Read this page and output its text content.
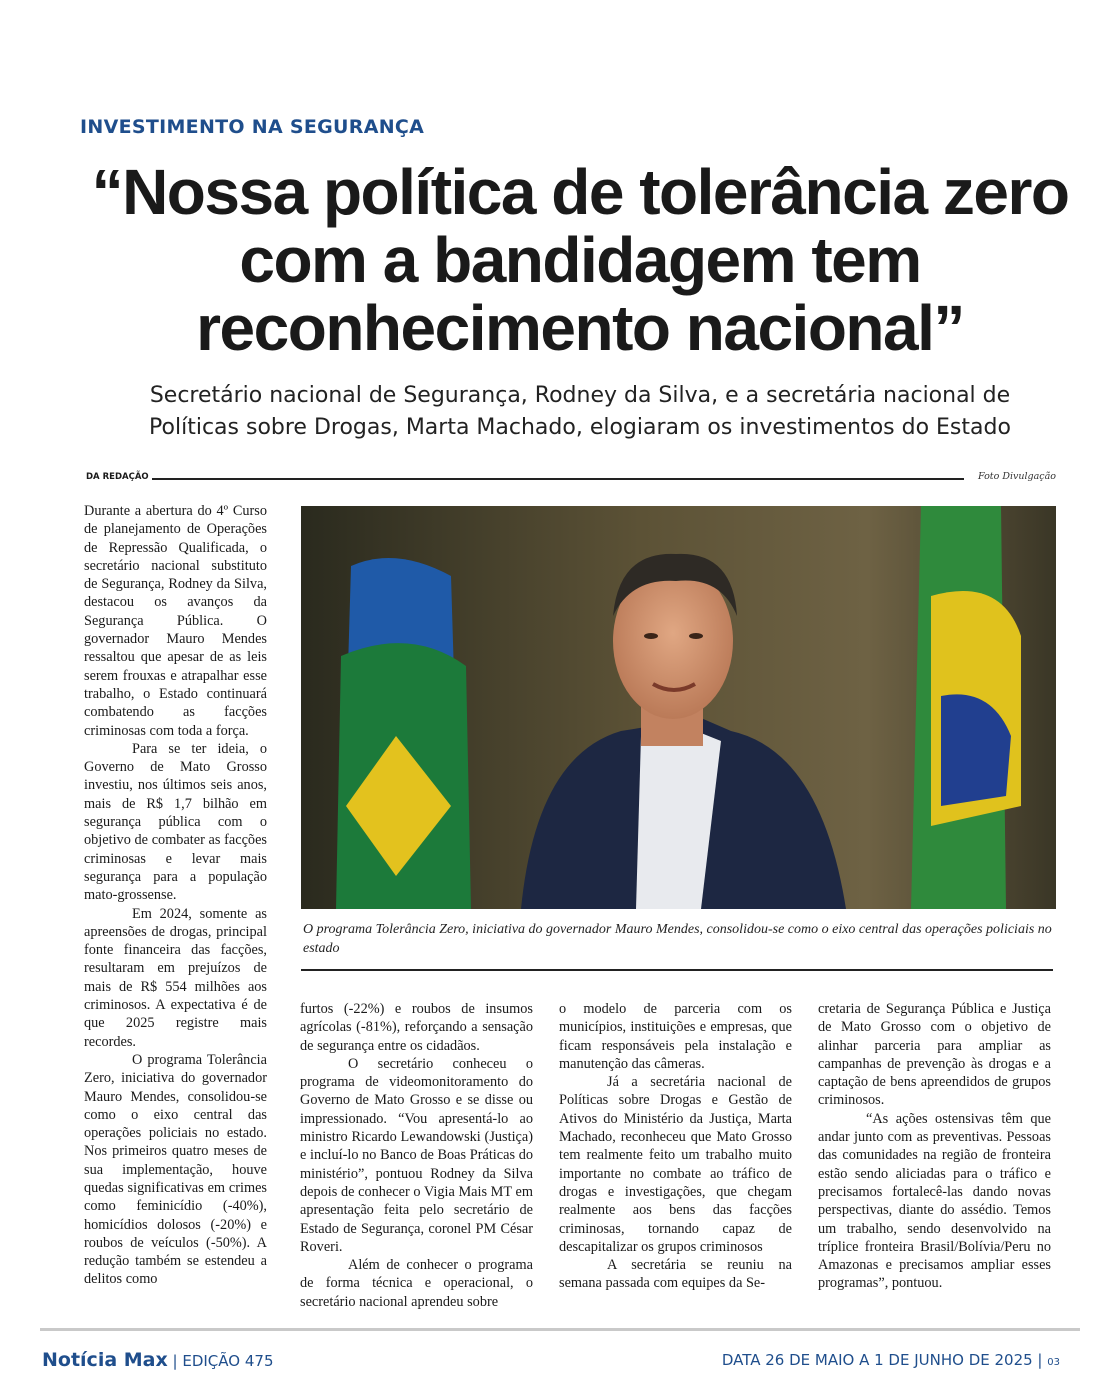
INVESTIMENTO NA SEGURANÇA
“Nossa política de tolerância zero
com a bandidagem tem
reconhecimento nacional”

Secretário nacional de Segurança, Rodney da Silva, e a secretária nacional de
Políticas sobre Drogas, Marta Machado, elogiaram os investimentos do Estado

DA REDAÇÃO	Foto Divulgação

Durante a abertura do 4º Curso de planejamento de Operações de Repressão Qualificada, o secretário nacional substituto de Segurança, Rodney da Silva, destacou os avanços da Segurança Pública. O governador Mauro Mendes ressaltou que apesar de as leis serem frouxas e atrapalhar esse trabalho, o Estado continuará combatendo as facções criminosas com toda a força.

Para se ter ideia, o Governo de Mato Grosso investiu, nos últimos seis anos, mais de R$ 1,7 bilhão em segurança pública com o objetivo de combater as facções criminosas e levar mais segurança para a população mato-grossense.

Em 2024, somente as apreensões de drogas, principal fonte financeira das facções, resultaram em prejuízos de mais de R$ 554 milhões aos criminosos. A expectativa é de que 2025 registre mais recordes.

O programa Tolerância Zero, iniciativa do governador Mauro Mendes, consolidou-se como o eixo central das operações policiais no estado. Nos primeiros quatro meses de sua implementação, houve quedas significativas em crimes como feminicídio (-40%), homicídios dolosos (-20%) e roubos de veículos (-50%). A redução também se estendeu a delitos como

O programa Tolerância Zero, iniciativa do governador Mauro Mendes, consolidou-se como o eixo central das operações policiais no estado

furtos (-22%) e roubos de insumos agrícolas (-81%), reforçando a sensação de segurança entre os cidadãos.

O secretário conheceu o programa de videomonitoramento do Governo de Mato Grosso e se disse ou impressionado. “Vou apresentá-lo ao ministro Ricardo Lewandowski (Justiça) e incluí-lo no Banco de Boas Práticas do ministério”, pontuou Rodney da Silva depois de conhecer o Vigia Mais MT em apresentação feita pelo secretário de Estado de Segurança, coronel PM César Roveri.

Além de conhecer o programa de forma técnica e operacional, o secretário nacional aprendeu sobre

o modelo de parceria com os municípios, instituições e empresas, que ficam responsáveis pela instalação e manutenção das câmeras.

Já a secretária nacional de Políticas sobre Drogas e Gestão de Ativos do Ministério da Justiça, Marta Machado, reconheceu que Mato Grosso tem realmente feito um trabalho muito importante no combate ao tráfico de drogas e investigações, que chegam realmente aos bens das facções criminosas, tornando capaz de descapitalizar os grupos criminosos

A secretária se reuniu na semana passada com equipes da Se-

cretaria de Segurança Pública e Justiça de Mato Grosso com o objetivo de alinhar parceria para ampliar as campanhas de prevenção às drogas e a captação de bens apreendidos de grupos criminosos.

“As ações ostensivas têm que andar junto com as preventivas. Pessoas das comunidades na região de fronteira estão sendo aliciadas para o tráfico e precisamos fortalecê-las dando novas perspectivas, diante do assédio. Temos um trabalho, sendo desenvolvido na tríplice fronteira Brasil/Bolívia/Peru no Amazonas e precisamos ampliar esses programas”, pontuou.

Notícia Max | EDIÇÃO 475	DATA 26 DE MAIO A 1 DE JUNHO DE 2025 | 03
